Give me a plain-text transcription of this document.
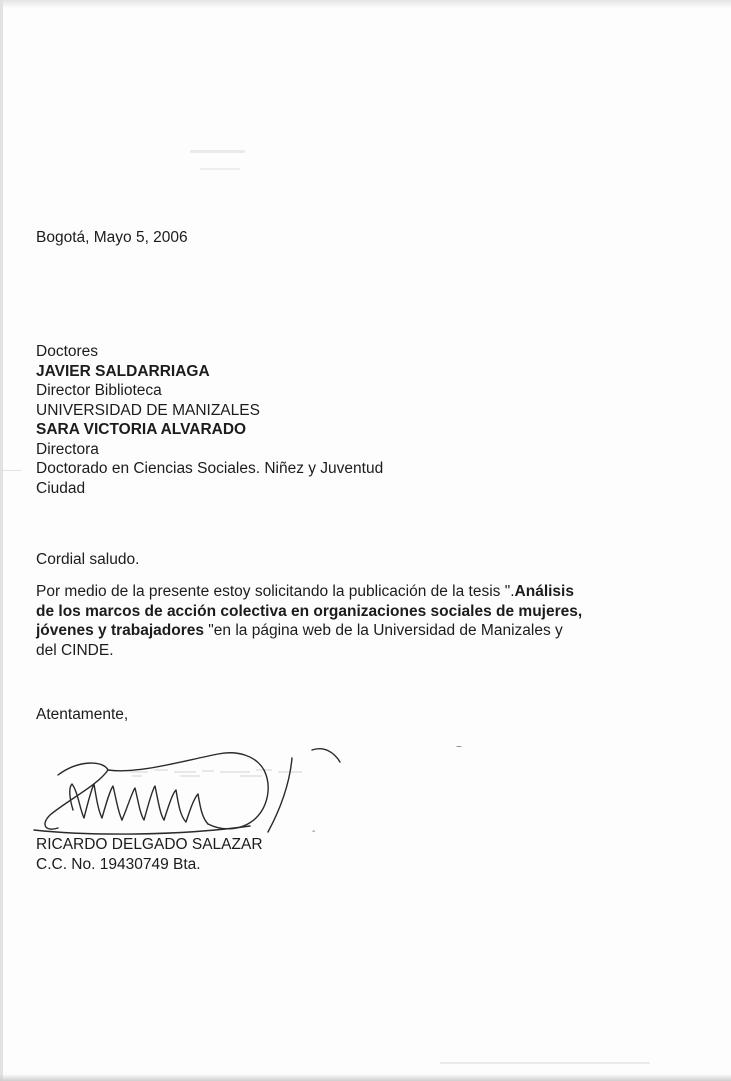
Bogotá, Mayo 5, 2006
Doctores
JAVIER SALDARRIAGA
Director Biblioteca
UNIVERSIDAD DE MANIZALES
SARA VICTORIA ALVARADO
Directora
Doctorado en Ciencias Sociales. Niñez y Juventud
Ciudad
Cordial saludo.
Por medio de la presente estoy solicitando la publicación de la tesis ".Análisis
de los marcos de acción colectiva en organizaciones sociales de mujeres,
jóvenes y trabajadores "en la página web de la Universidad de Manizales y
del CINDE.
Atentamente,
RICARDO DELGADO SALAZAR
C.C. No. 19430749 Bta.
~
-
